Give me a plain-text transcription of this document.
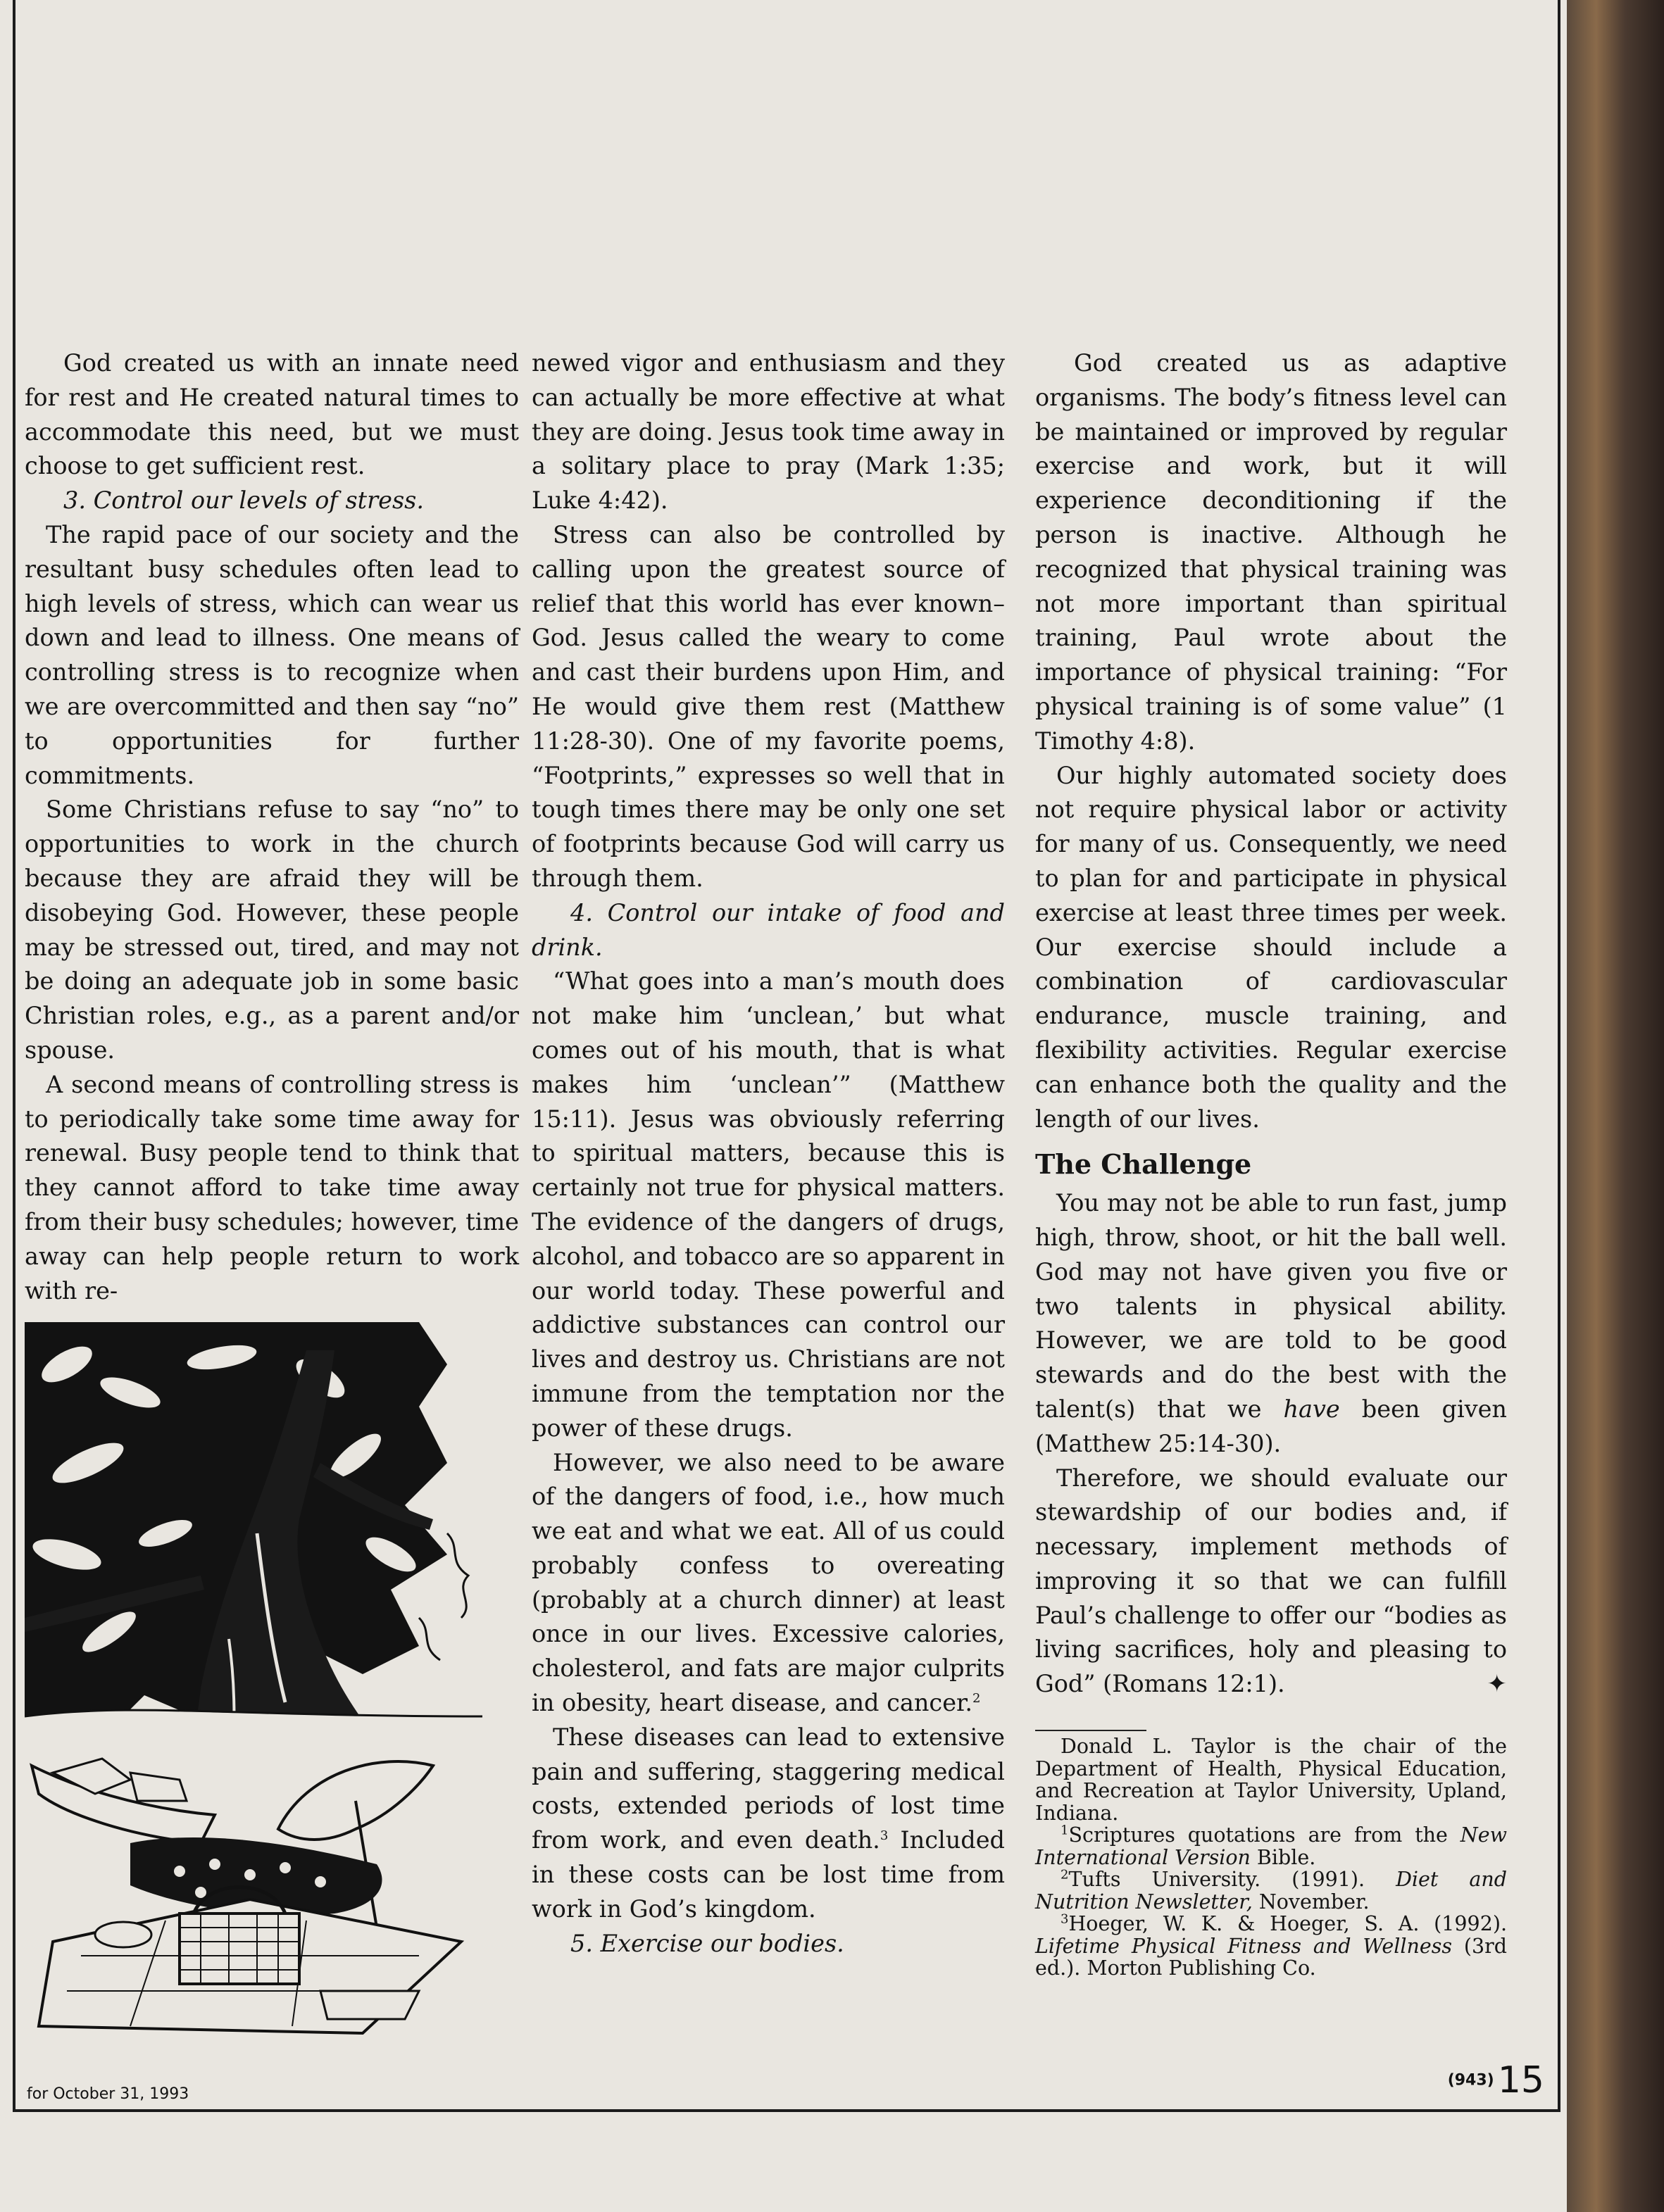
God created us with an innate need for rest and He created natural times to accommodate this need, but we must choose to get sufficient rest.

3. Control our levels of stress.

The rapid pace of our society and the resultant busy schedules often lead to high levels of stress, which can wear us down and lead to illness. One means of controlling stress is to recognize when we are overcommitted and then say “no” to opportunities for further commitments.

Some Christians refuse to say “no” to opportunities to work in the church because they are afraid they will be disobeying God. However, these people may be stressed out, tired, and may not be doing an adequate job in some basic Christian roles, e.g., as a parent and/or spouse.

A second means of controlling stress is to periodically take some time away for renewal. Busy people tend to think that they cannot afford to take time away from their busy schedules; however, time away can help people return to work with re-

newed vigor and enthusiasm and they can actually be more effective at what they are doing. Jesus took time away in a solitary place to pray (Mark 1:35; Luke 4:42).

Stress can also be controlled by calling upon the greatest source of relief that this world has ever known–God. Jesus called the weary to come and cast their burdens upon Him, and He would give them rest (Matthew 11:28-30). One of my favorite poems, “Footprints,” expresses so well that in tough times there may be only one set of footprints because God will carry us through them.

4. Control our intake of food and drink.

“What goes into a man’s mouth does not make him ‘unclean,’ but what comes out of his mouth, that is what makes him ‘unclean’” (Matthew 15:11). Jesus was obviously referring to spiritual matters, because this is certainly not true for physical matters. The evidence of the dangers of drugs, alcohol, and tobacco are so apparent in our world today. These powerful and addictive substances can control our lives and destroy us. Christians are not immune from the temptation nor the power of these drugs.

However, we also need to be aware of the dangers of food, i.e., how much we eat and what we eat. All of us could probably confess to overeating (probably at a church dinner) at least once in our lives. Excessive calories, cholesterol, and fats are major culprits in obesity, heart disease, and cancer.$^2$

These diseases can lead to extensive pain and suffering, staggering medical costs, extended periods of lost time from work, and even death.$^3$ Included in these costs can be lost time from work in God’s kingdom.

5. Exercise our bodies.

God created us as adaptive organisms. The body’s fitness level can be maintained or improved by regular exercise and work, but it will experience deconditioning if the person is inactive. Although he recognized that physical training was not more important than spiritual training, Paul wrote about the importance of physical training: “For physical training is of some value” (1 Timothy 4:8).

Our highly automated society does not require physical labor or activity for many of us. Consequently, we need to plan for and participate in physical exercise at least three times per week. Our exercise should include a combination of cardiovascular endurance, muscle training, and flexibility activities. Regular exercise can enhance both the quality and the length of our lives.

The Challenge

You may not be able to run fast, jump high, throw, shoot, or hit the ball well. God may not have given you five or two talents in physical ability. However, we are told to be good stewards and do the best with the talent(s) that we have been given (Matthew 25:14-30).

Therefore, we should evaluate our stewardship of our bodies and, if necessary, implement methods of improving it so that we can fulfill Paul’s challenge to offer our “bodies as living sacrifices, holy and pleasing to God” (Romans 12:1).	✦

Donald L. Taylor is the chair of the Department of Health, Physical Education, and Recreation at Taylor University, Upland, Indiana.

$^1$Scriptures quotations are from the New International Version Bible.

$^2$Tufts University. (1991). Diet and Nutrition Newsletter, November.

$^3$Hoeger, W. K. & Hoeger, S. A. (1992). Lifetime Physical Fitness and Wellness (3rd ed.). Morton Publishing Co.

for October 31, 1993
(943) 15
